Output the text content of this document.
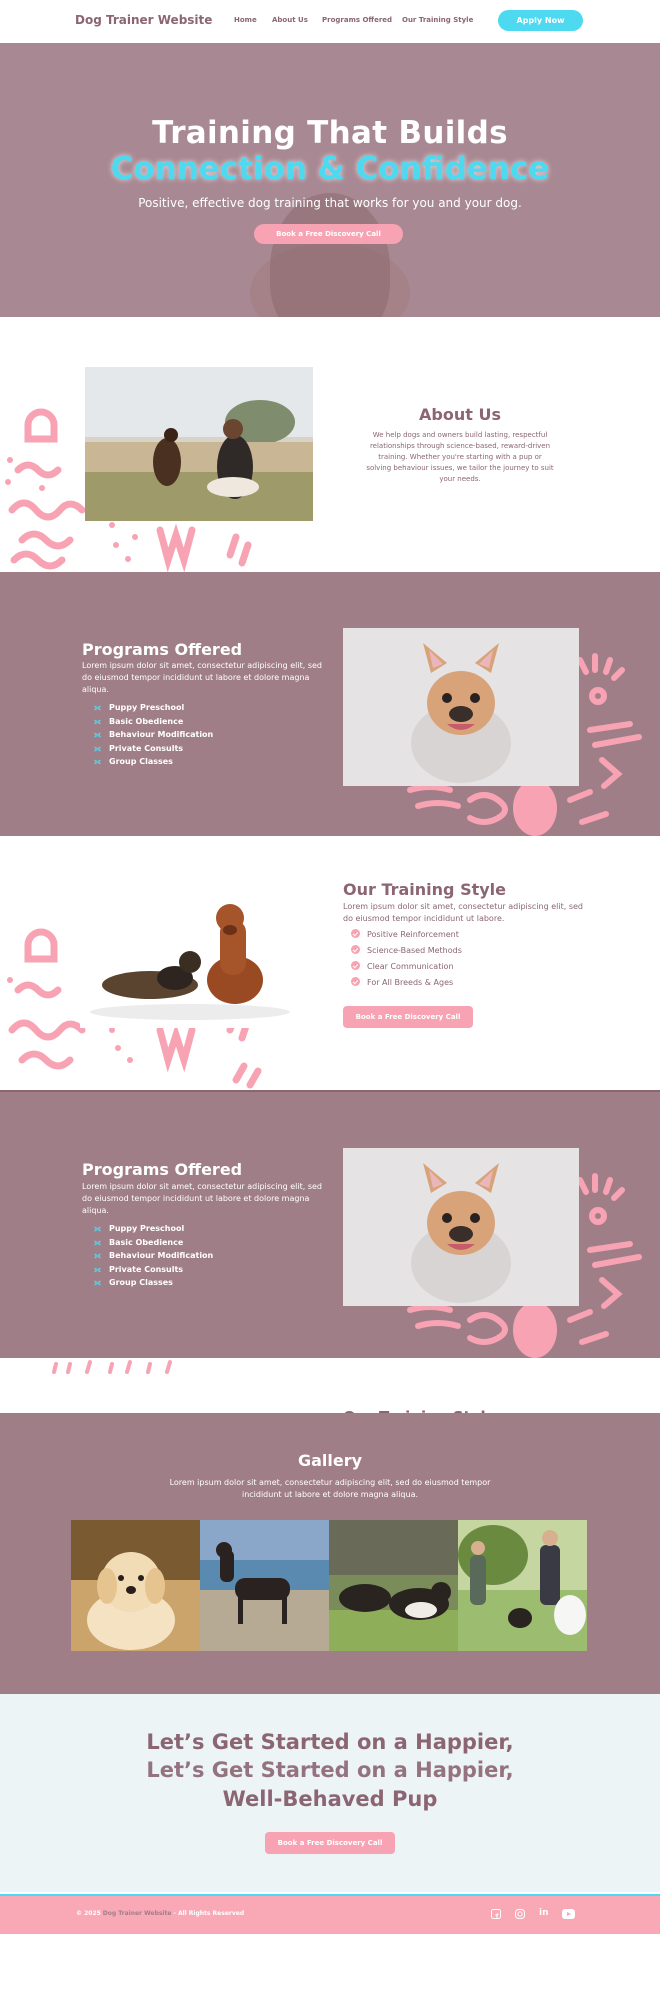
Dog Trainer Website	Home About Us Programs Offered Our Training Style	Apply Now
Training That Builds
Connection & Confidence
Positive, effective dog training that works for you and your dog.
Book a Free Discovery Call
About Us
We help dogs and owners build lasting, respectful relationships through science-based, reward-driven training. Whether you're starting with a pup or solving behaviour issues, we tailor the journey to suit your needs.
Programs Offered
Lorem ipsum dolor sit amet, consectetur adipiscing elit, sed do eiusmod tempor incididunt ut labore et dolore magna aliqua.
⟗ Puppy Preschool
⟗ Basic Obedience
⟗ Behaviour Modification
⟗ Private Consults
⟗ Group Classes
Our Training Style
Lorem ipsum dolor sit amet, consectetur adipiscing elit, sed do eiusmod tempor incididunt ut labore.
Positive Reinforcement
Science-Based Methods
Clear Communication
For All Breeds & Ages
Book a Free Discovery Call
Programs Offered
Lorem ipsum dolor sit amet, consectetur adipiscing elit, sed do eiusmod tempor incididunt ut labore et dolore magna aliqua.
⟗ Puppy Preschool
⟗ Basic Obedience
⟗ Behaviour Modification
⟗ Private Consults
⟗ Group Classes
Gallery
Lorem ipsum dolor sit amet, consectetur adipiscing elit, sed do eiusmod tempor incididunt ut labore et dolore magna aliqua.
Let’s Get Started on a Happier,
Let’s Get Started on a Happier,
Well-Behaved Pup
Book a Free Discovery Call
© 2025 Dog Trainer Website - All Rights Reserved	in
